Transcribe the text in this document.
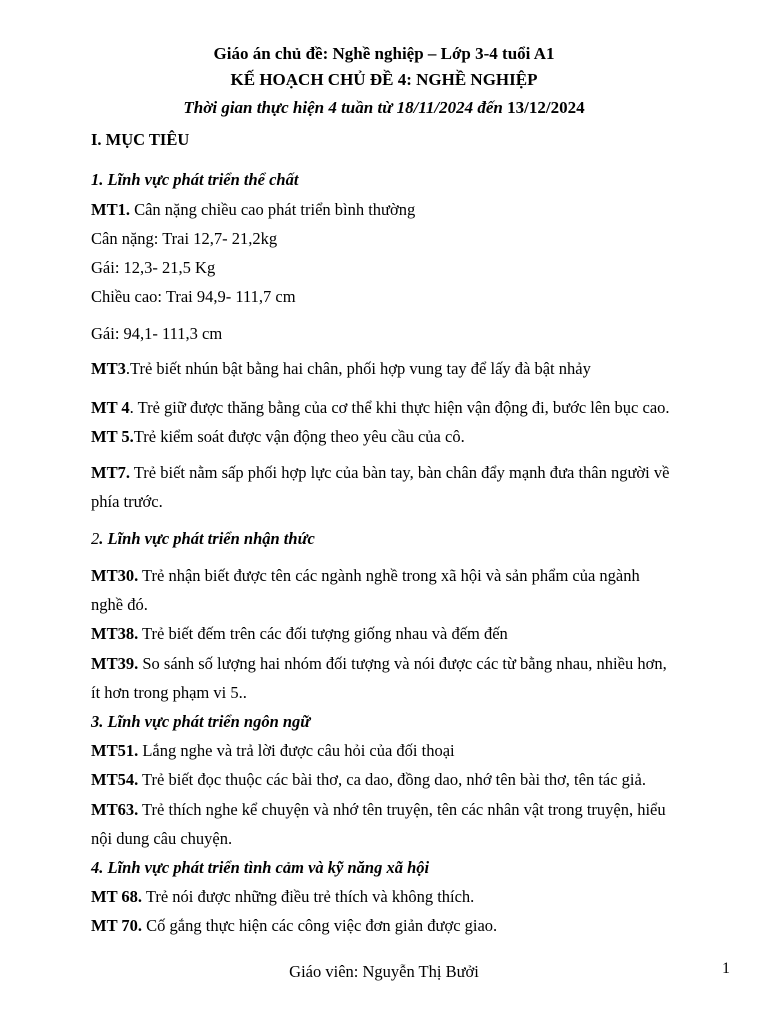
Giáo án chủ đề: Nghề nghiệp – Lớp 3-4 tuổi A1
KẾ HOẠCH CHỦ ĐỀ 4: NGHỀ NGHIỆP
Thời gian thực hiện 4 tuần từ 18/11/2024 đến 13/12/2024
I. MỤC TIÊU
1. Lĩnh vực phát triển thể chất
MT1. Cân nặng chiều cao phát triển bình thường
Cân nặng: Trai 12,7- 21,2kg
Gái: 12,3- 21,5 Kg
Chiều cao: Trai 94,9- 111,7 cm
Gái: 94,1- 111,3 cm
MT3.Trẻ biết nhún bật bằng hai chân, phối hợp vung tay để lấy đà bật nhảy
MT 4. Trẻ giữ được thăng bằng của cơ thể khi thực hiện vận động đi, bước lên bục cao.
MT 5.Trẻ kiểm soát được vận động theo yêu cầu của cô.
MT7. Trẻ biết nằm sấp phối hợp lực của bàn tay, bàn chân đẩy mạnh đưa thân người về
phía trước.
2. Lĩnh vực phát triển nhận thức
MT30. Trẻ nhận biết được tên các ngành nghề trong xã hội và sản phẩm của ngành
nghề đó.
MT38. Trẻ biết đếm trên các đối tượng giống nhau và đếm đến
MT39. So sánh số lượng hai nhóm đối tượng và nói được các từ bằng nhau, nhiều hơn,
ít hơn trong phạm vi 5..
3. Lĩnh vực phát triển ngôn ngữ
MT51. Lắng nghe và trả lời được câu hỏi của đối thoại
MT54. Trẻ biết đọc thuộc các bài thơ, ca dao, đồng dao, nhớ tên bài thơ, tên tác giả.
MT63. Trẻ thích nghe kể chuyện và nhớ tên truyện, tên các nhân vật trong truyện, hiểu
nội dung câu chuyện.
4. Lĩnh vực phát triển tình cảm và kỹ năng xã hội
MT 68. Trẻ nói được những điều trẻ thích và không thích.
MT 70. Cố gắng thực hiện các công việc đơn giản được giao.
Giáo viên: Nguyễn Thị Bưởi	1
